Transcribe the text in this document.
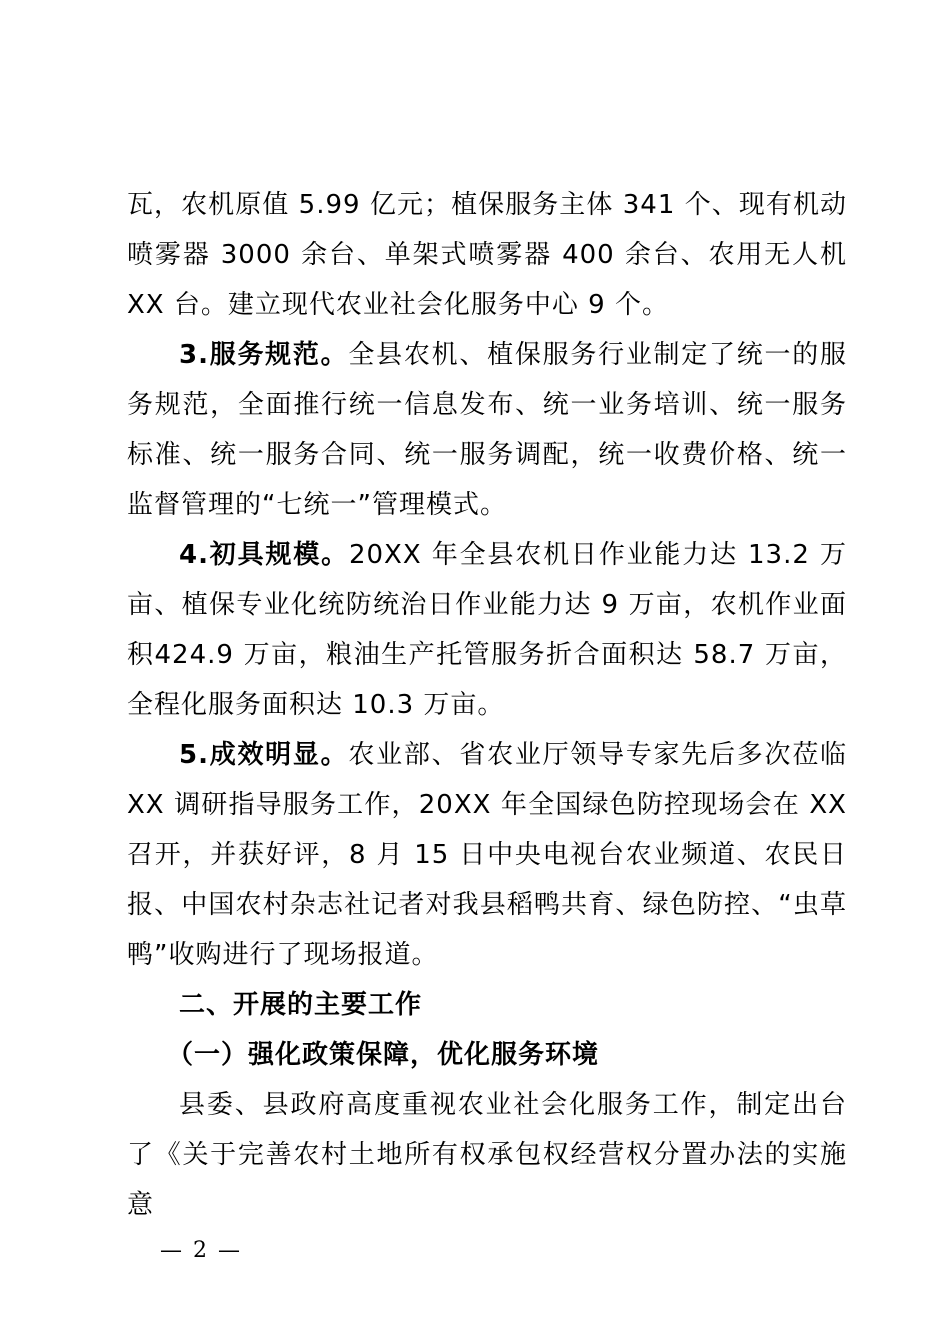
瓦，农机原值 5.99 亿元；植保服务主体 341 个、现有机动喷雾器 3000 余台、单架式喷雾器 400 余台、农用无人机 XX 台。建立现代农业社会化服务中心 9 个。

3.服务规范。全县农机、植保服务行业制定了统一的服务规范，全面推行统一信息发布、统一业务培训、统一服务标准、统一服务合同、统一服务调配，统一收费价格、统一监督管理的“七统一”管理模式。

4.初具规模。20XX 年全县农机日作业能力达 13.2 万亩、植保专业化统防统治日作业能力达 9 万亩，农机作业面积424.9 万亩，粮油生产托管服务折合面积达 58.7 万亩，全程化服务面积达 10.3 万亩。

5.成效明显。农业部、省农业厅领导专家先后多次莅临XX 调研指导服务工作，20XX 年全国绿色防控现场会在 XX 召开，并获好评，8 月 15 日中央电视台农业频道、农民日报、中国农村杂志社记者对我县稻鸭共育、绿色防控、“虫草鸭”收购进行了现场报道。

二、开展的主要工作

（一）强化政策保障，优化服务环境

县委、县政府高度重视农业社会化服务工作，制定出台了《关于完善农村土地所有权承包权经营权分置办法的实施意

— 2 —
